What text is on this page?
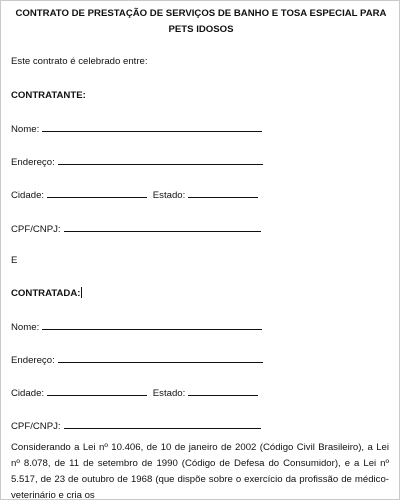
CONTRATO DE PRESTAÇÃO DE SERVIÇOS DE BANHO E TOSA ESPECIAL PARA PETS IDOSOS
Este contrato é celebrado entre:
CONTRATANTE:
Nome:
Endereço:
Cidade:	Estado:
CPF/CNPJ:
E
CONTRATADA:
Nome:
Endereço:
Cidade:	Estado:
CPF/CNPJ:
Considerando a Lei nº 10.406, de 10 de janeiro de 2002 (Código Civil Brasileiro), a Lei nº 8.078, de 11 de setembro de 1990 (Código de Defesa do Consumidor), e a Lei nº 5.517, de 23 de outubro de 1968 (que dispõe sobre o exercício da profissão de médico-veterinário e cria os
